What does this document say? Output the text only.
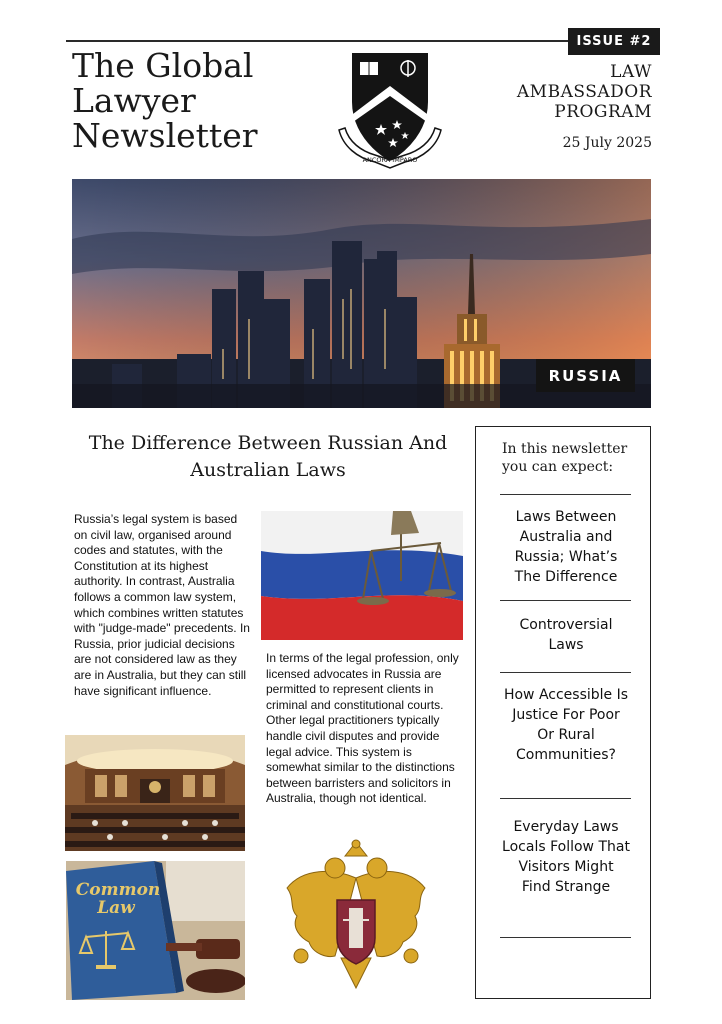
ISSUE #2
The Global
Lawyer
Newsletter
ANCORA IMPARO
LAW
AMBASSADOR
PROGRAM
25 July 2025
RUSSIA
The Difference Between Russian And Australian Laws
Russia’s legal system is based on civil law, organised around codes and statutes, with the Constitution at its highest authority. In contrast, Australia follows a common law system, which combines written statutes with "judge-made" precedents. In Russia, prior judicial decisions are not considered law as they are in Australia, but they can still have significant influence.
In terms of the legal profession, only licensed advocates in Russia are permitted to represent clients in criminal and constitutional courts. Other legal practitioners typically handle civil disputes and provide legal advice. This system is somewhat similar to the distinctions between barristers and solicitors in Australia, though not identical.
Common
Law
In this newsletter you can expect:
Laws Between Australia and Russia; What’s The Difference
Controversial Laws
How Accessible Is Justice For Poor Or Rural Communities?
Everyday Laws Locals Follow That Visitors Might Find Strange
